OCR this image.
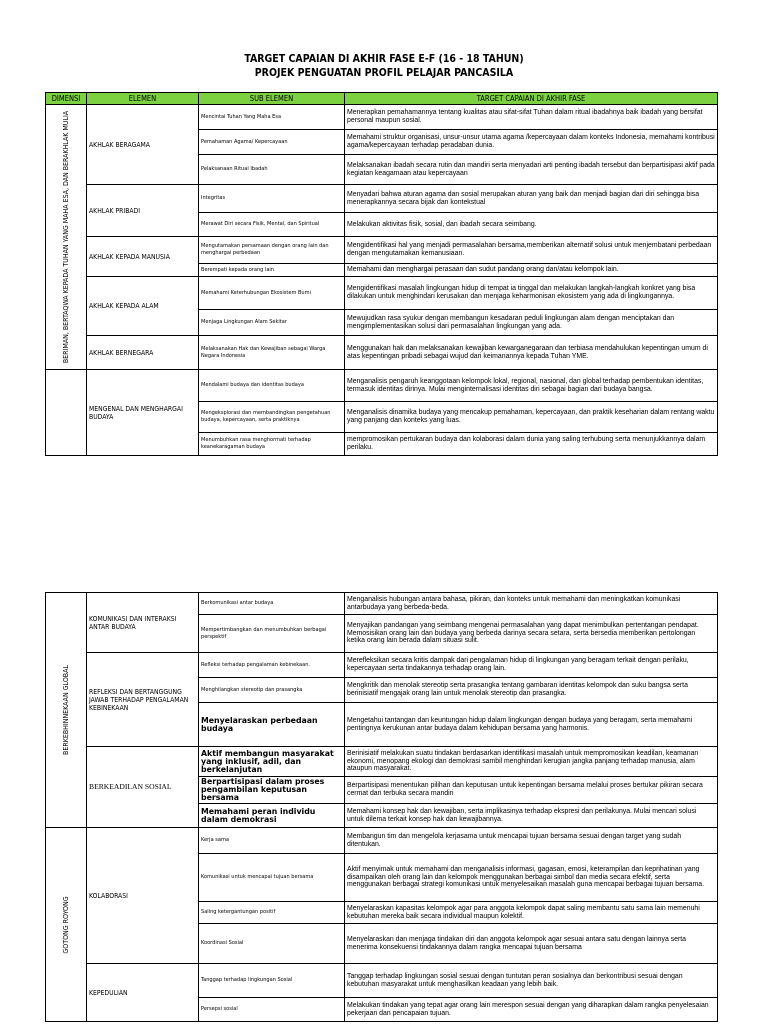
TARGET CAPAIAN DI AKHIR FASE E-F (16 - 18 TAHUN)
PROJEK PENGUATAN PROFIL PELAJAR PANCASILA
DIMENSI	ELEMEN	SUB ELEMEN	TARGET CAPAIAN DI AKHIR FASE

BERIMAN, BERTAQWA KEPADA TUHAN YANG MAHA ESA, DAN BERAKHLAK MULIA	AKHLAK BERAGAMA	Mencintai Tuhan Yang Maha Esa	Menerapkan pemahamannya tentang kualitas atau sifat-sifat Tuhan dalam ritual ibadahnya baik ibadah yang bersifat personal maupun sosial.
		Pemahaman Agama/ Kepercayaan	Memahami struktur organisasi, unsur-unsur utama agama /kepercayaan dalam konteks Indonesia, memahami kontribusi agama/kepercayaan terhadap peradaban dunia.
		Pelaksanaan Ritual Ibadah	Melaksanakan ibadah secara rutin dan mandiri serta menyadari arti penting ibadah tersebut dan berpartisipasi aktif pada kegiatan keagamaan atau kepercayaan
	AKHLAK PRIBADI	Integritas	Menyadari bahwa aturan agama dan sosial merupakan aturan yang baik dan menjadi bagian dari diri sehingga bisa menerapkannya secara bijak dan kontekstual
		Merawat Diri secara Fisik, Mental, dan Spiritual	Melakukan aktivitas fisik, sosial, dan ibadah secara seimbang.
	AKHLAK KEPADA MANUSIA	Mengutamakan persamaan dengan orang lain dan menghargai perbedaan	Mengidentifikasi hal yang menjadi permasalahan bersama,memberikan alternatif solusi untuk menjembatani perbedaan dengan mengutamakan kemanusiaan.
		Berempati kepada orang lain	Memahami dan menghargai perasaan dan sudut pandang orang dan/atau kelompok lain.
	AKHLAK KEPADA ALAM	Memahami Keterhubungan Ekosistem Bumi	Mengidentifikasi masalah lingkungan hidup di tempat ia tinggal dan melakukan langkah-langkah konkret yang bisa dilakukan untuk menghindari kerusakan dan menjaga keharmonisan ekosistem yang ada di lingkungannya.
		Menjaga Lingkungan Alam Sekitar	Mewujudkan rasa syukur dengan membangun kesadaran peduli lingkungan alam dengan menciptakan dan mengimplementasikan solusi dari permasalahan lingkungan yang ada.
	AKHLAK BERNEGARA	Melaksanakan Hak dan Kewajiban sebagai Warga Negara Indonesia	Menggunakan hak dan melaksanakan kewajiban kewarganegaraan dan terbiasa mendahulukan kepentingan umum di atas kepentingan pribadi sebagai wujud dari keimanannya kepada Tuhan YME.
	MENGENAL DAN MENGHARGAI BUDAYA	Mendalami budaya dan identitas budaya	Menganalisis pengaruh keanggotaan kelompok lokal, regional, nasional, dan global terhadap pembentukan identitas, termasuk identitas dirinya. Mulai menginternalisasi identitas diri sebagai bagian dari budaya bangsa.
		Mengeksplorasi dan membandingkan pengetahuan budaya, kepercayaan, serta praktiknya	Menganalisis dinamika budaya yang mencakup pemahaman, kepercayaan, dan praktik keseharian dalam rentang waktu yang panjang dan konteks yang luas.
		Menumbuhkan rasa menghormati terhadap keanekaragaman budaya	mempromosikan pertukaran budaya dan kolaborasi dalam dunia yang saling terhubung serta menunjukkannya dalam perilaku.
BERKEBHINNEKAAN GLOBAL	KOMUNIKASI DAN INTERAKSI ANTAR BUDAYA	Berkomunikasi antar budaya	Menganalisis hubungan antara bahasa, pikiran, dan konteks untuk memahami dan meningkatkan komunikasi antarbudaya yang berbeda-beda.
		Mempertimbangkan dan menumbuhkan berbagai perspektif	Menyajikan pandangan yang seimbang mengenai permasalahan yang dapat menimbulkan pertentangan pendapat. Memosisikan orang lain dan budaya yang berbeda darinya secara setara, serta bersedia memberikan pertolongan ketika orang lain berada dalam situasi sulit.
	REFLEKSI DAN BERTANGGUNG JAWAB TERHADAP PENGALAMAN KEBINEKAAN	Refleksi terhadap pengalaman kebinekaan.	Merefleksikan secara kritis dampak dari pengalaman hidup di lingkungan yang beragam terkait dengan perilaku, kepercayaan serta tindakannya terhadap orang lain.
		Menghilangkan stereotip dan prasangka	Mengkritik dan menolak stereotip serta prasangka tentang gambaran identitas kelompok dan suku bangsa serta berinisiatif mengajak orang lain untuk menolak stereotip dan prasangka.
		Menyelaraskan perbedaan budaya	Mengetahui tantangan dan keuntungan hidup dalam lingkungan dengan budaya yang beragam, serta memahami pentingnya kerukunan antar budaya dalam kehidupan bersama yang harmonis.
	BERKEADILAN SOSIAL	Aktif membangun masyarakat yang inklusif, adil, dan berkelanjutan	Berinisiatif melakukan suatu tindakan berdasarkan identifikasi masalah untuk mempromosikan keadilan, keamanan ekonomi, menopang ekologi dan demokrasi sambil menghindari kerugian jangka panjang terhadap manusia, alam ataupun masyarakat.
		Berpartisipasi dalam proses pengambilan keputusan bersama	Berpartisipasi menentukan pilihan dan keputusan untuk kepentingan bersama melalui proses bertukar pikiran secara cermat dan terbuka secara mandiri
		Memahami peran individu dalam demokrasi	Memahami konsep hak dan kewajiban, serta implikasinya terhadap ekspresi dan perilakunya. Mulai mencari solusi untuk dilema terkait konsep hak dan kewajibannya.

GOTONG ROYONG	KOLABORASI	Kerja sama	Membangun tim dan mengelola kerjasama untuk mencapai tujuan bersama sesuai dengan target yang sudah ditentukan.
		Komunikasi untuk mencapai tujuan bersama	Aktif menyimak untuk memahami dan menganalisis informasi, gagasan, emosi, keterampilan dan keprihatinan yang disampaikan oleh orang lain dan kelompok menggunakan berbagai simbol dan media secara efektif, serta menggunakan berbagai strategi komunikasi untuk menyelesaikan masalah guna mencapai berbagai tujuan bersama.
		Saling ketergantungan positif	Menyelaraskan kapasitas kelompok agar para anggota kelompok dapat saling membantu satu sama lain memenuhi kebutuhan mereka baik secara individual maupun kolektif.
		Koordinasi Sosial	Menyelaraskan dan menjaga tindakan diri dan anggota kelompok agar sesuai antara satu dengan lainnya serta menerima konsekuensi tindakannya dalam rangka mencapai tujuan bersama
	KEPEDULIAN	Tanggap terhadap lingkungan Sosial	Tanggap terhadap lingkungan sosial sesuai dengan tuntutan peran sosialnya dan berkontribusi sesuai dengan kebutuhan masyarakat untuk menghasilkan keadaan yang lebih baik.
		Persepsi sosial	Melakukan tindakan yang tepat agar orang lain merespon sesuai dengan yang diharapkan dalam rangka penyelesaian pekerjaan dan pencapaian tujuan.
